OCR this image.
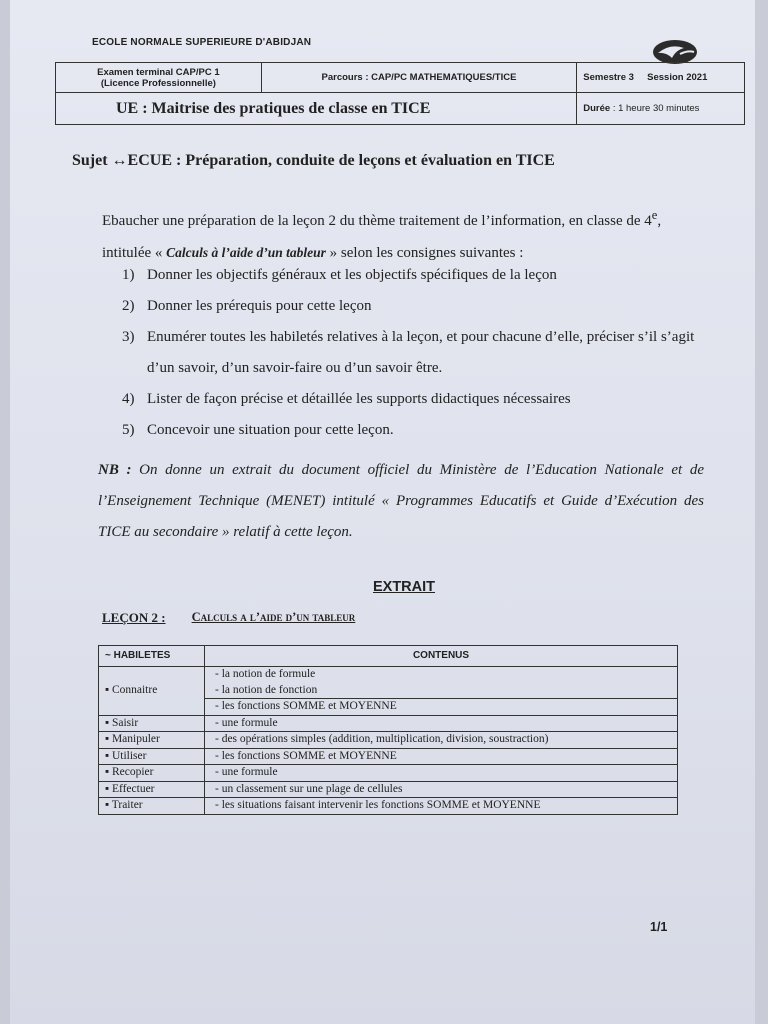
ECOLE NORMALE SUPERIEURE D'ABIDJAN
Examen terminal CAP/PC 1
(Licence Professionnelle)	Parcours : CAP/PC MATHEMATIQUES/TICE	Semestre 3 Session 2021
UE : Maitrise des pratiques de classe en TICE		Durée : 1 heure 30 minutes
Sujet ↔ECUE : Préparation, conduite de leçons et évaluation en TICE

Ebaucher une préparation de la leçon 2 du thème traitement de l’information, en classe de 4e, intitulée « Calculs à l’aide d’un tableur » selon les consignes suivantes :

1) Donner les objectifs généraux et les objectifs spécifiques de la leçon
2) Donner les prérequis pour cette leçon
3) Enumérer toutes les habiletés relatives à la leçon, et pour chacune d’elle, préciser s’il s’agit d’un savoir, d’un savoir-faire ou d’un savoir être.
4) Lister de façon précise et détaillée les supports didactiques nécessaires
5) Concevoir une situation pour cette leçon.

NB : On donne un extrait du document officiel du Ministère de l’Education Nationale et de l’Enseignement Technique (MENET) intitulé « Programmes Educatifs et Guide d’Exécution des TICE au secondaire » relatif à cette leçon.

EXTRAIT
LEÇON 2 : Calculs a l’aide d’un tableur
~ HABILETES	CONTENUS
▪ Connaitre	- la notion de formule
- la notion de fonction

	- les fonctions SOMME et MOYENNE
▪ Saisir	- une formule
▪ Manipuler	- des opérations simples (addition, multiplication, division, soustraction)
▪ Utiliser	- les fonctions SOMME et MOYENNE
▪ Recopier	- une formule
▪ Effectuer	- un classement sur une plage de cellules
▪ Traiter	- les situations faisant intervenir les fonctions SOMME et MOYENNE
1/1
